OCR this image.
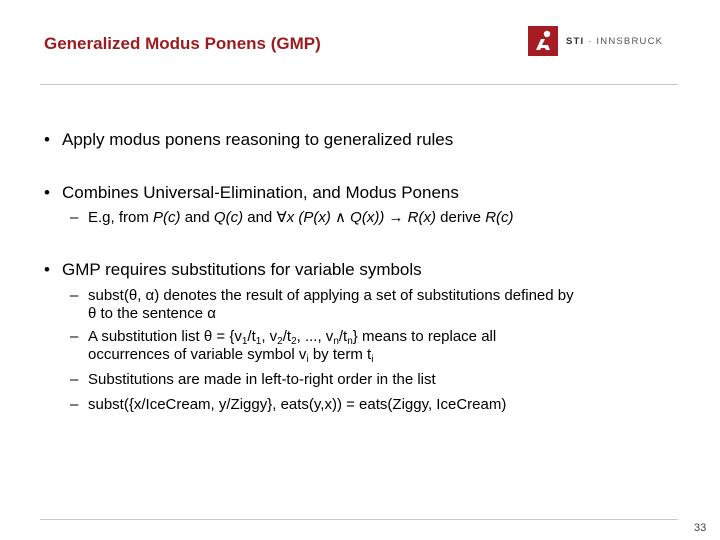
Generalized Modus Ponens (GMP)	STI · INNSBRUCK
• Apply modus ponens reasoning to generalized rules
• Combines Universal-Elimination, and Modus Ponens
– E.g, from P(c) and Q(c) and ∀x (P(x) ∧ Q(x)) → R(x) derive R(c)
• GMP requires substitutions for variable symbols
– subst(θ, α) denotes the result of applying a set of substitutions defined by
θ to the sentence α
– A substitution list $\theta = \{v_1/t_1$, $v_2/t_2$, ..., $v_n/t_n$} means to replace all
occurrences of variable symbol $v_i$ by term $t_i$
– Substitutions are made in left-to-right order in the list
– subst({x/IceCream, y/Ziggy}, eats(y,x)) = eats(Ziggy, IceCream)
33
